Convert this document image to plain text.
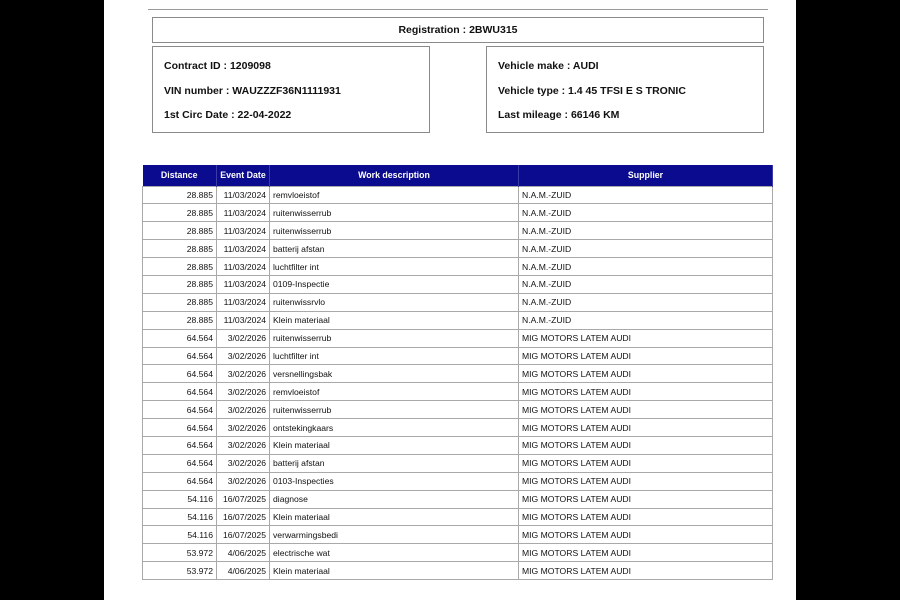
Registration : 2BWU315
Contract ID : 1209098
VIN number : WAUZZZF36N1111931
1st Circ Date : 22-04-2022
Vehicle make : AUDI
Vehicle type : 1.4 45 TFSI E S TRONIC
Last mileage : 66146 KM
Distance	Event Date	Work description	Supplier
28.885	11/03/2024	remvloeistof	N.A.M.-ZUID
28.885	11/03/2024	ruitenwisserrub	N.A.M.-ZUID
28.885	11/03/2024	ruitenwisserrub	N.A.M.-ZUID
28.885	11/03/2024	batterij afstan	N.A.M.-ZUID
28.885	11/03/2024	luchtfilter int	N.A.M.-ZUID
28.885	11/03/2024	0109-Inspectie	N.A.M.-ZUID
28.885	11/03/2024	ruitenwissrvlo	N.A.M.-ZUID
28.885	11/03/2024	Klein materiaal	N.A.M.-ZUID
64.564	3/02/2026	ruitenwisserrub	MIG MOTORS LATEM AUDI
64.564	3/02/2026	luchtfilter int	MIG MOTORS LATEM AUDI
64.564	3/02/2026	versnellingsbak	MIG MOTORS LATEM AUDI
64.564	3/02/2026	remvloeistof	MIG MOTORS LATEM AUDI
64.564	3/02/2026	ruitenwisserrub	MIG MOTORS LATEM AUDI
64.564	3/02/2026	ontstekingkaars	MIG MOTORS LATEM AUDI
64.564	3/02/2026	Klein materiaal	MIG MOTORS LATEM AUDI
64.564	3/02/2026	batterij afstan	MIG MOTORS LATEM AUDI
64.564	3/02/2026	0103-Inspecties	MIG MOTORS LATEM AUDI
54.116	16/07/2025	diagnose	MIG MOTORS LATEM AUDI
54.116	16/07/2025	Klein materiaal	MIG MOTORS LATEM AUDI
54.116	16/07/2025	verwarmingsbedi	MIG MOTORS LATEM AUDI
53.972	4/06/2025	electrische wat	MIG MOTORS LATEM AUDI
53.972	4/06/2025	Klein materiaal	MIG MOTORS LATEM AUDI
